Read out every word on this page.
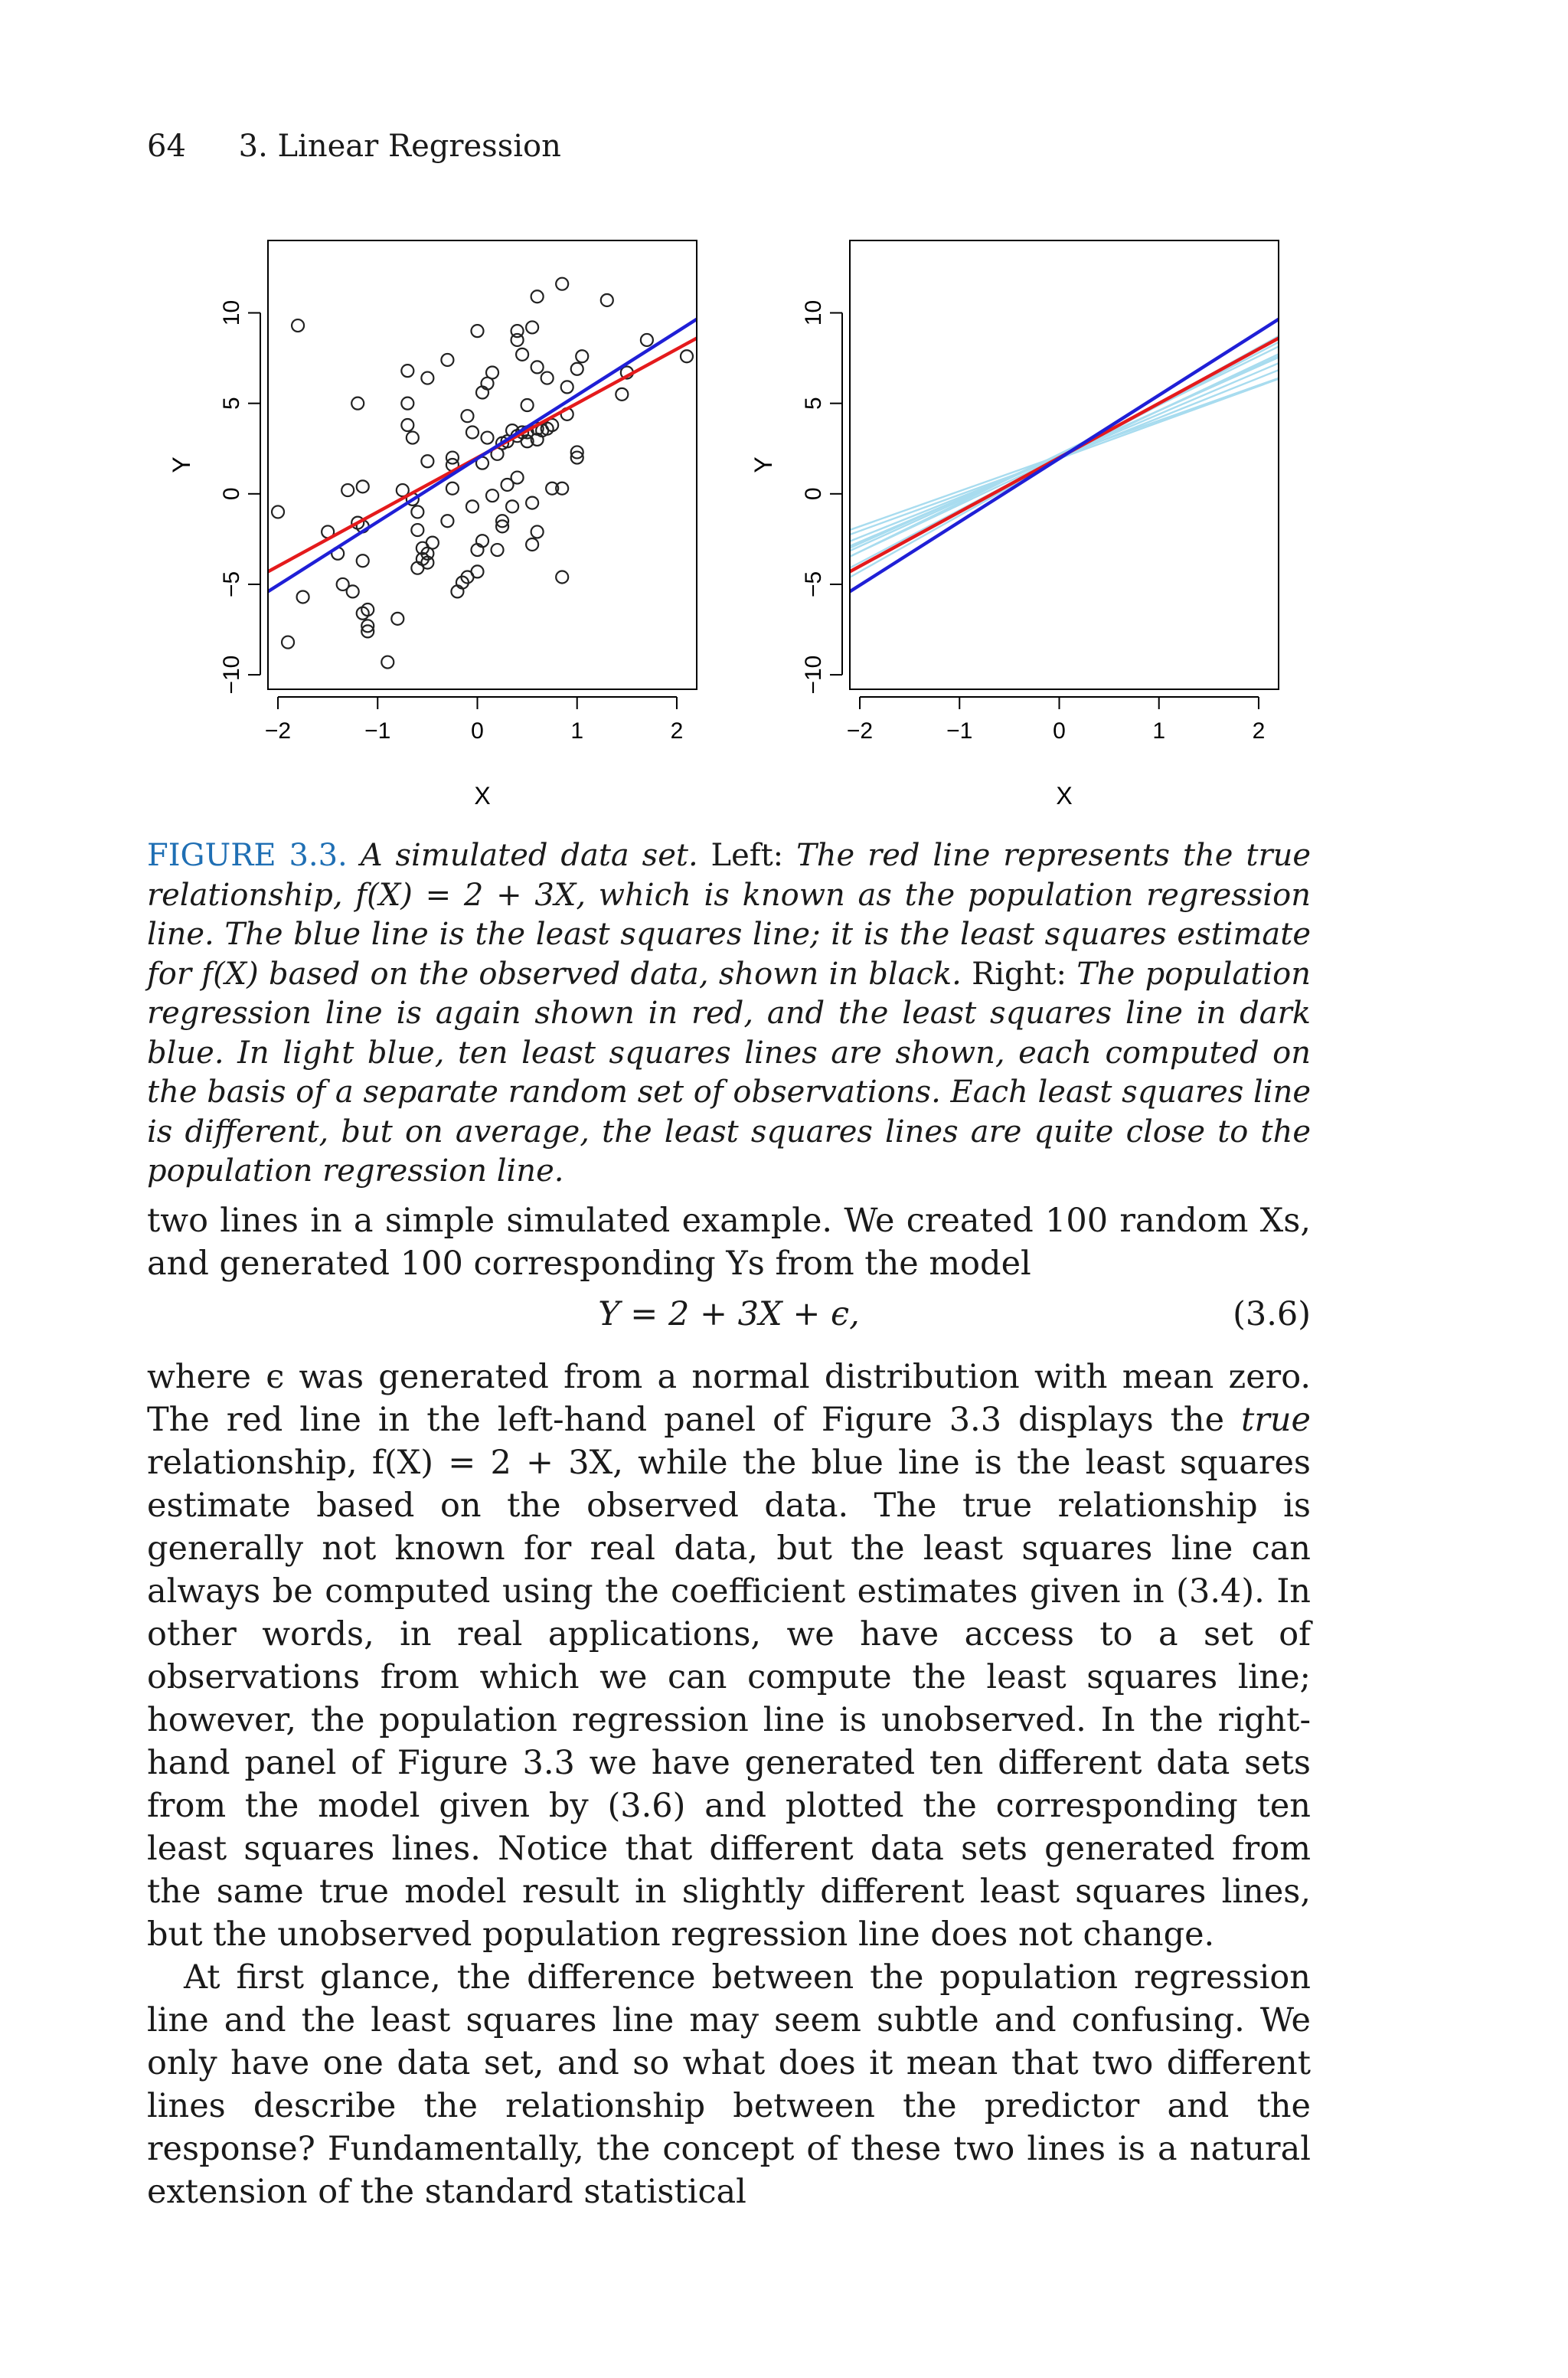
64 3. Linear Regression
−2	−1	0	1	2
X
−10
−5
0
5
10
Y
−2	−1	0	1	2
X
−10
−5
0
5
10
Y

FIGURE 3.3. A simulated data set. Left: The red line represents the true relationship, f(X) = 2 + 3X, which is known as the population regression line. The blue line is the least squares line; it is the least squares estimate for f(X) based on the observed data, shown in black. Right: The population regression line is again shown in red, and the least squares line in dark blue. In light blue, ten least squares lines are shown, each computed on the basis of a separate random set of observations. Each least squares line is different, but on average, the least squares lines are quite close to the population regression line.

two lines in a simple simulated example. We created 100 random Xs, and generated 100 corresponding Ys from the model

Y = 2 + 3X + ϵ,	(3.6)

where ϵ was generated from a normal distribution with mean zero. The red line in the left-hand panel of Figure 3.3 displays the true relationship, f(X) = 2 + 3X, while the blue line is the least squares estimate based on the observed data. The true relationship is generally not known for real data, but the least squares line can always be computed using the coefficient estimates given in (3.4). In other words, in real applications, we have access to a set of observations from which we can compute the least squares line; however, the population regression line is unobserved. In the right-hand panel of Figure 3.3 we have generated ten different data sets from the model given by (3.6) and plotted the corresponding ten least squares lines. Notice that different data sets generated from the same true model result in slightly different least squares lines, but the unobserved population regression line does not change.

At first glance, the difference between the population regression line and the least squares line may seem subtle and confusing. We only have one data set, and so what does it mean that two different lines describe the relationship between the predictor and the response? Fundamentally, the concept of these two lines is a natural extension of the standard statistical
